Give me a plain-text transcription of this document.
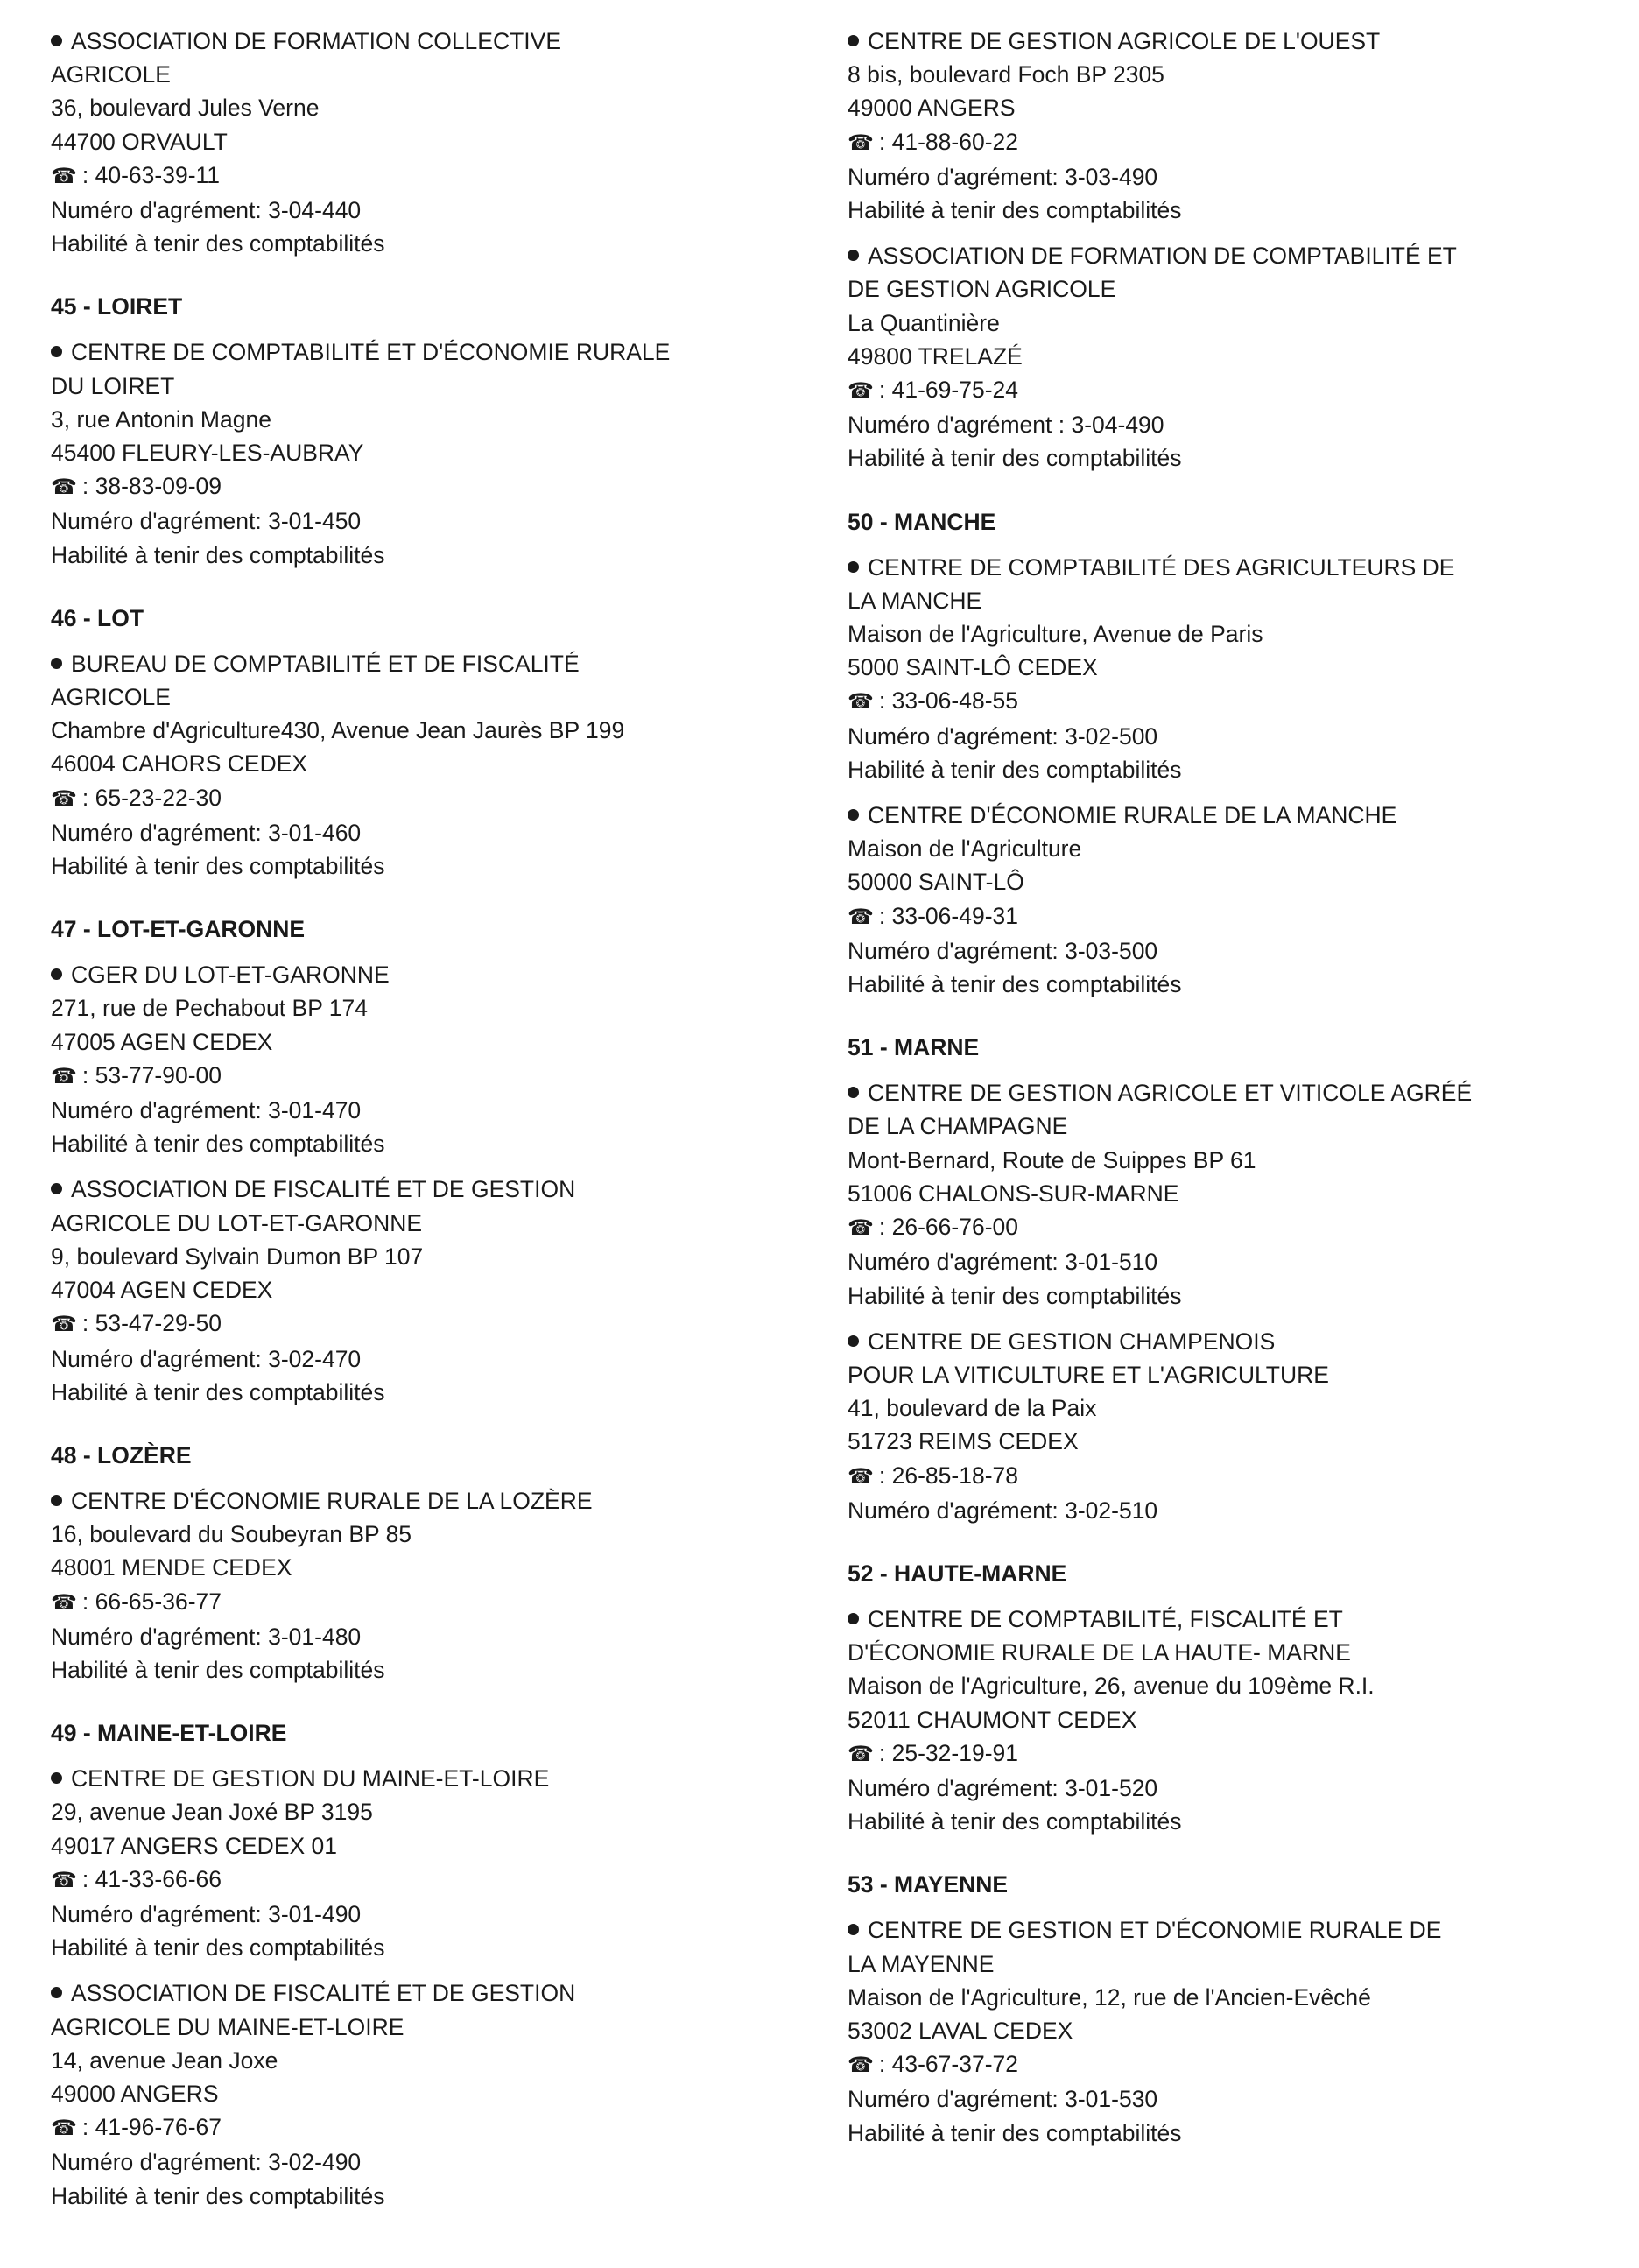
ASSOCIATION DE FORMATION COLLECTIVE
AGRICOLE
36, boulevard Jules Verne
44700 ORVAULT
☎ : 40-63-39-11
Numéro d'agrément: 3-04-440
Habilité à tenir des comptabilités
45 - LOIRET
CENTRE DE COMPTABILITÉ ET D'ÉCONOMIE RURALE
DU LOIRET
3, rue Antonin Magne
45400 FLEURY-LES-AUBRAY
☎ : 38-83-09-09
Numéro d'agrément: 3-01-450
Habilité à tenir des comptabilités
46 - LOT
BUREAU DE COMPTABILITÉ ET DE FISCALITÉ
AGRICOLE
Chambre d'Agriculture430, Avenue Jean Jaurès BP 199
46004 CAHORS CEDEX
☎ : 65-23-22-30
Numéro d'agrément: 3-01-460
Habilité à tenir des comptabilités
47 - LOT-ET-GARONNE
CGER DU LOT-ET-GARONNE
271, rue de Pechabout BP 174
47005 AGEN CEDEX
☎ : 53-77-90-00
Numéro d'agrément: 3-01-470
Habilité à tenir des comptabilités
ASSOCIATION DE FISCALITÉ ET DE GESTION
AGRICOLE DU LOT-ET-GARONNE
9, boulevard Sylvain Dumon BP 107
47004 AGEN CEDEX
☎ : 53-47-29-50
Numéro d'agrément: 3-02-470
Habilité à tenir des comptabilités
48 - LOZÈRE
CENTRE D'ÉCONOMIE RURALE DE LA LOZÈRE
16, boulevard du Soubeyran BP 85
48001 MENDE CEDEX
☎ : 66-65-36-77
Numéro d'agrément: 3-01-480
Habilité à tenir des comptabilités
49 - MAINE-ET-LOIRE
CENTRE DE GESTION DU MAINE-ET-LOIRE
29, avenue Jean Joxé BP 3195
49017 ANGERS CEDEX 01
☎ : 41-33-66-66
Numéro d'agrément: 3-01-490
Habilité à tenir des comptabilités
ASSOCIATION DE FISCALITÉ ET DE GESTION
AGRICOLE DU MAINE-ET-LOIRE
14, avenue Jean Joxe
49000 ANGERS
☎ : 41-96-76-67
Numéro d'agrément: 3-02-490
Habilité à tenir des comptabilités
CENTRE DE GESTION AGRICOLE DE L'OUEST
8 bis, boulevard Foch BP 2305
49000 ANGERS
☎ : 41-88-60-22
Numéro d'agrément: 3-03-490
Habilité à tenir des comptabilités
ASSOCIATION DE FORMATION DE COMPTABILITÉ ET
DE GESTION AGRICOLE
La Quantinière
49800 TRELAZÉ
☎ : 41-69-75-24
Numéro d'agrément : 3-04-490
Habilité à tenir des comptabilités
50 - MANCHE
CENTRE DE COMPTABILITÉ DES AGRICULTEURS DE
LA MANCHE
Maison de l'Agriculture, Avenue de Paris
5000 SAINT-LÔ CEDEX
☎ : 33-06-48-55
Numéro d'agrément: 3-02-500
Habilité à tenir des comptabilités
CENTRE D'ÉCONOMIE RURALE DE LA MANCHE
Maison de l'Agriculture
50000 SAINT-LÔ
☎ : 33-06-49-31
Numéro d'agrément: 3-03-500
Habilité à tenir des comptabilités
51 - MARNE
CENTRE DE GESTION AGRICOLE ET VITICOLE AGRÉÉ
DE LA CHAMPAGNE
Mont-Bernard, Route de Suippes BP 61
51006 CHALONS-SUR-MARNE
☎ : 26-66-76-00
Numéro d'agrément: 3-01-510
Habilité à tenir des comptabilités
CENTRE DE GESTION CHAMPENOIS
POUR LA VITICULTURE ET L'AGRICULTURE
41, boulevard de la Paix
51723 REIMS CEDEX
☎ : 26-85-18-78
Numéro d'agrément: 3-02-510
52 - HAUTE-MARNE
CENTRE DE COMPTABILITÉ, FISCALITÉ ET
D'ÉCONOMIE RURALE DE LA HAUTE- MARNE
Maison de l'Agriculture, 26, avenue du 109ème R.I.
52011 CHAUMONT CEDEX
☎ : 25-32-19-91
Numéro d'agrément: 3-01-520
Habilité à tenir des comptabilités
53 - MAYENNE
CENTRE DE GESTION ET D'ÉCONOMIE RURALE DE
LA MAYENNE
Maison de l'Agriculture, 12, rue de l'Ancien-Evêché
53002 LAVAL CEDEX
☎ : 43-67-37-72
Numéro d'agrément: 3-01-530
Habilité à tenir des comptabilités
